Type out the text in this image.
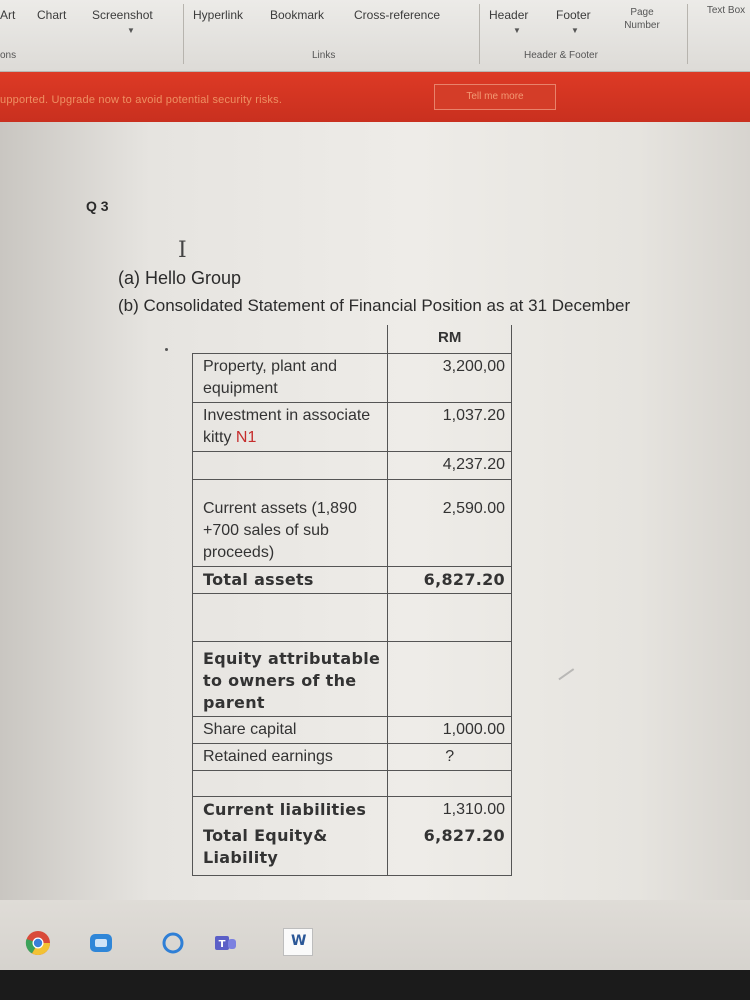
Art Chart Screenshot
▼
Hyperlink Bookmark Cross-reference	Header
▼
Footer
▼
Page Number
Text Box
ons	Links	Header & Footer
upported. Upgrade now to avoid potential security risks.	Tell me more
Q 3
I
(a) Hello Group
(b) Consolidated Statement of Financial Position as at 31 December
	RM
Property, plant and equipment	3,200,00
Investment in associate kitty N1	1,037.20
	4,237.20
Current assets (1,890 +700 sales of sub proceeds)	2,590.00
Total assets	6,827.20

Equity attributable to owners of the parent	
Share capital	1,000.00
Retained earnings	?

Current liabilities	1,310.00
Total Equity& Liability	6,827.20
T	W
